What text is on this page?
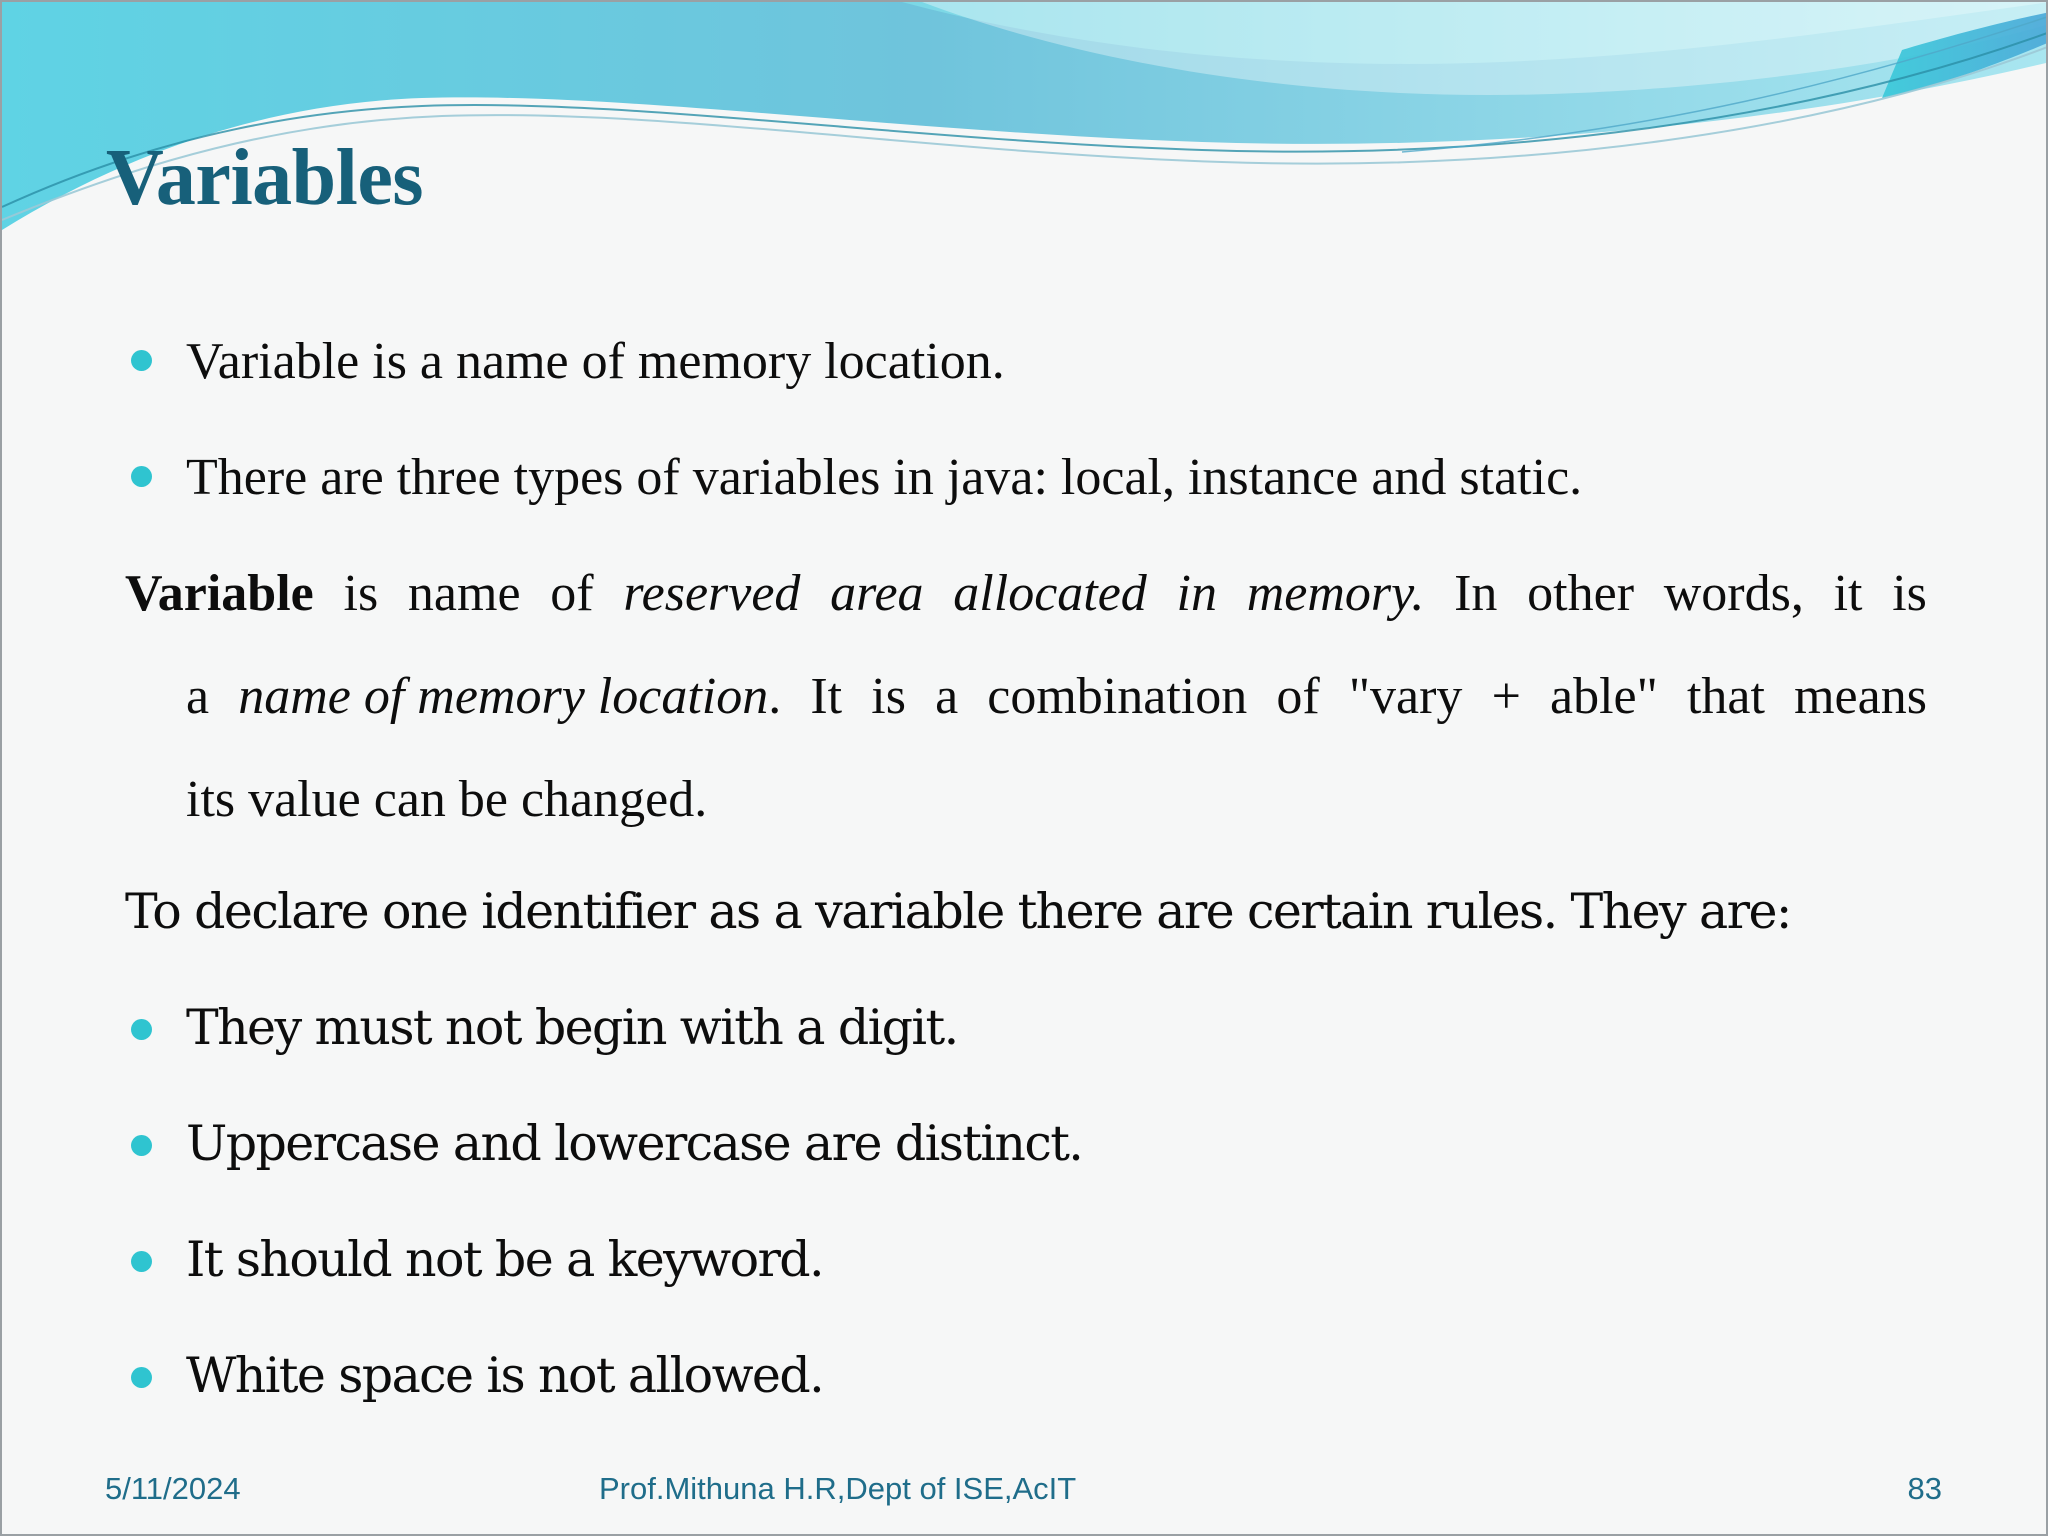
Variables

Variable is a name of memory location.

There are three types of variables in java: local, instance and static.

Variable is name of reserved area allocated in memory. In other words, it is
a name of memory location. It is a combination of "vary + able" that means

its value can be changed.

To declare one identifier as a variable there are certain rules. They are:

They must not begin with a digit.

Uppercase and lowercase are distinct.

It should not be a keyword.

White space is not allowed.

5/11/2024	Prof.Mithuna H.R,Dept of ISE,AcIT	83
